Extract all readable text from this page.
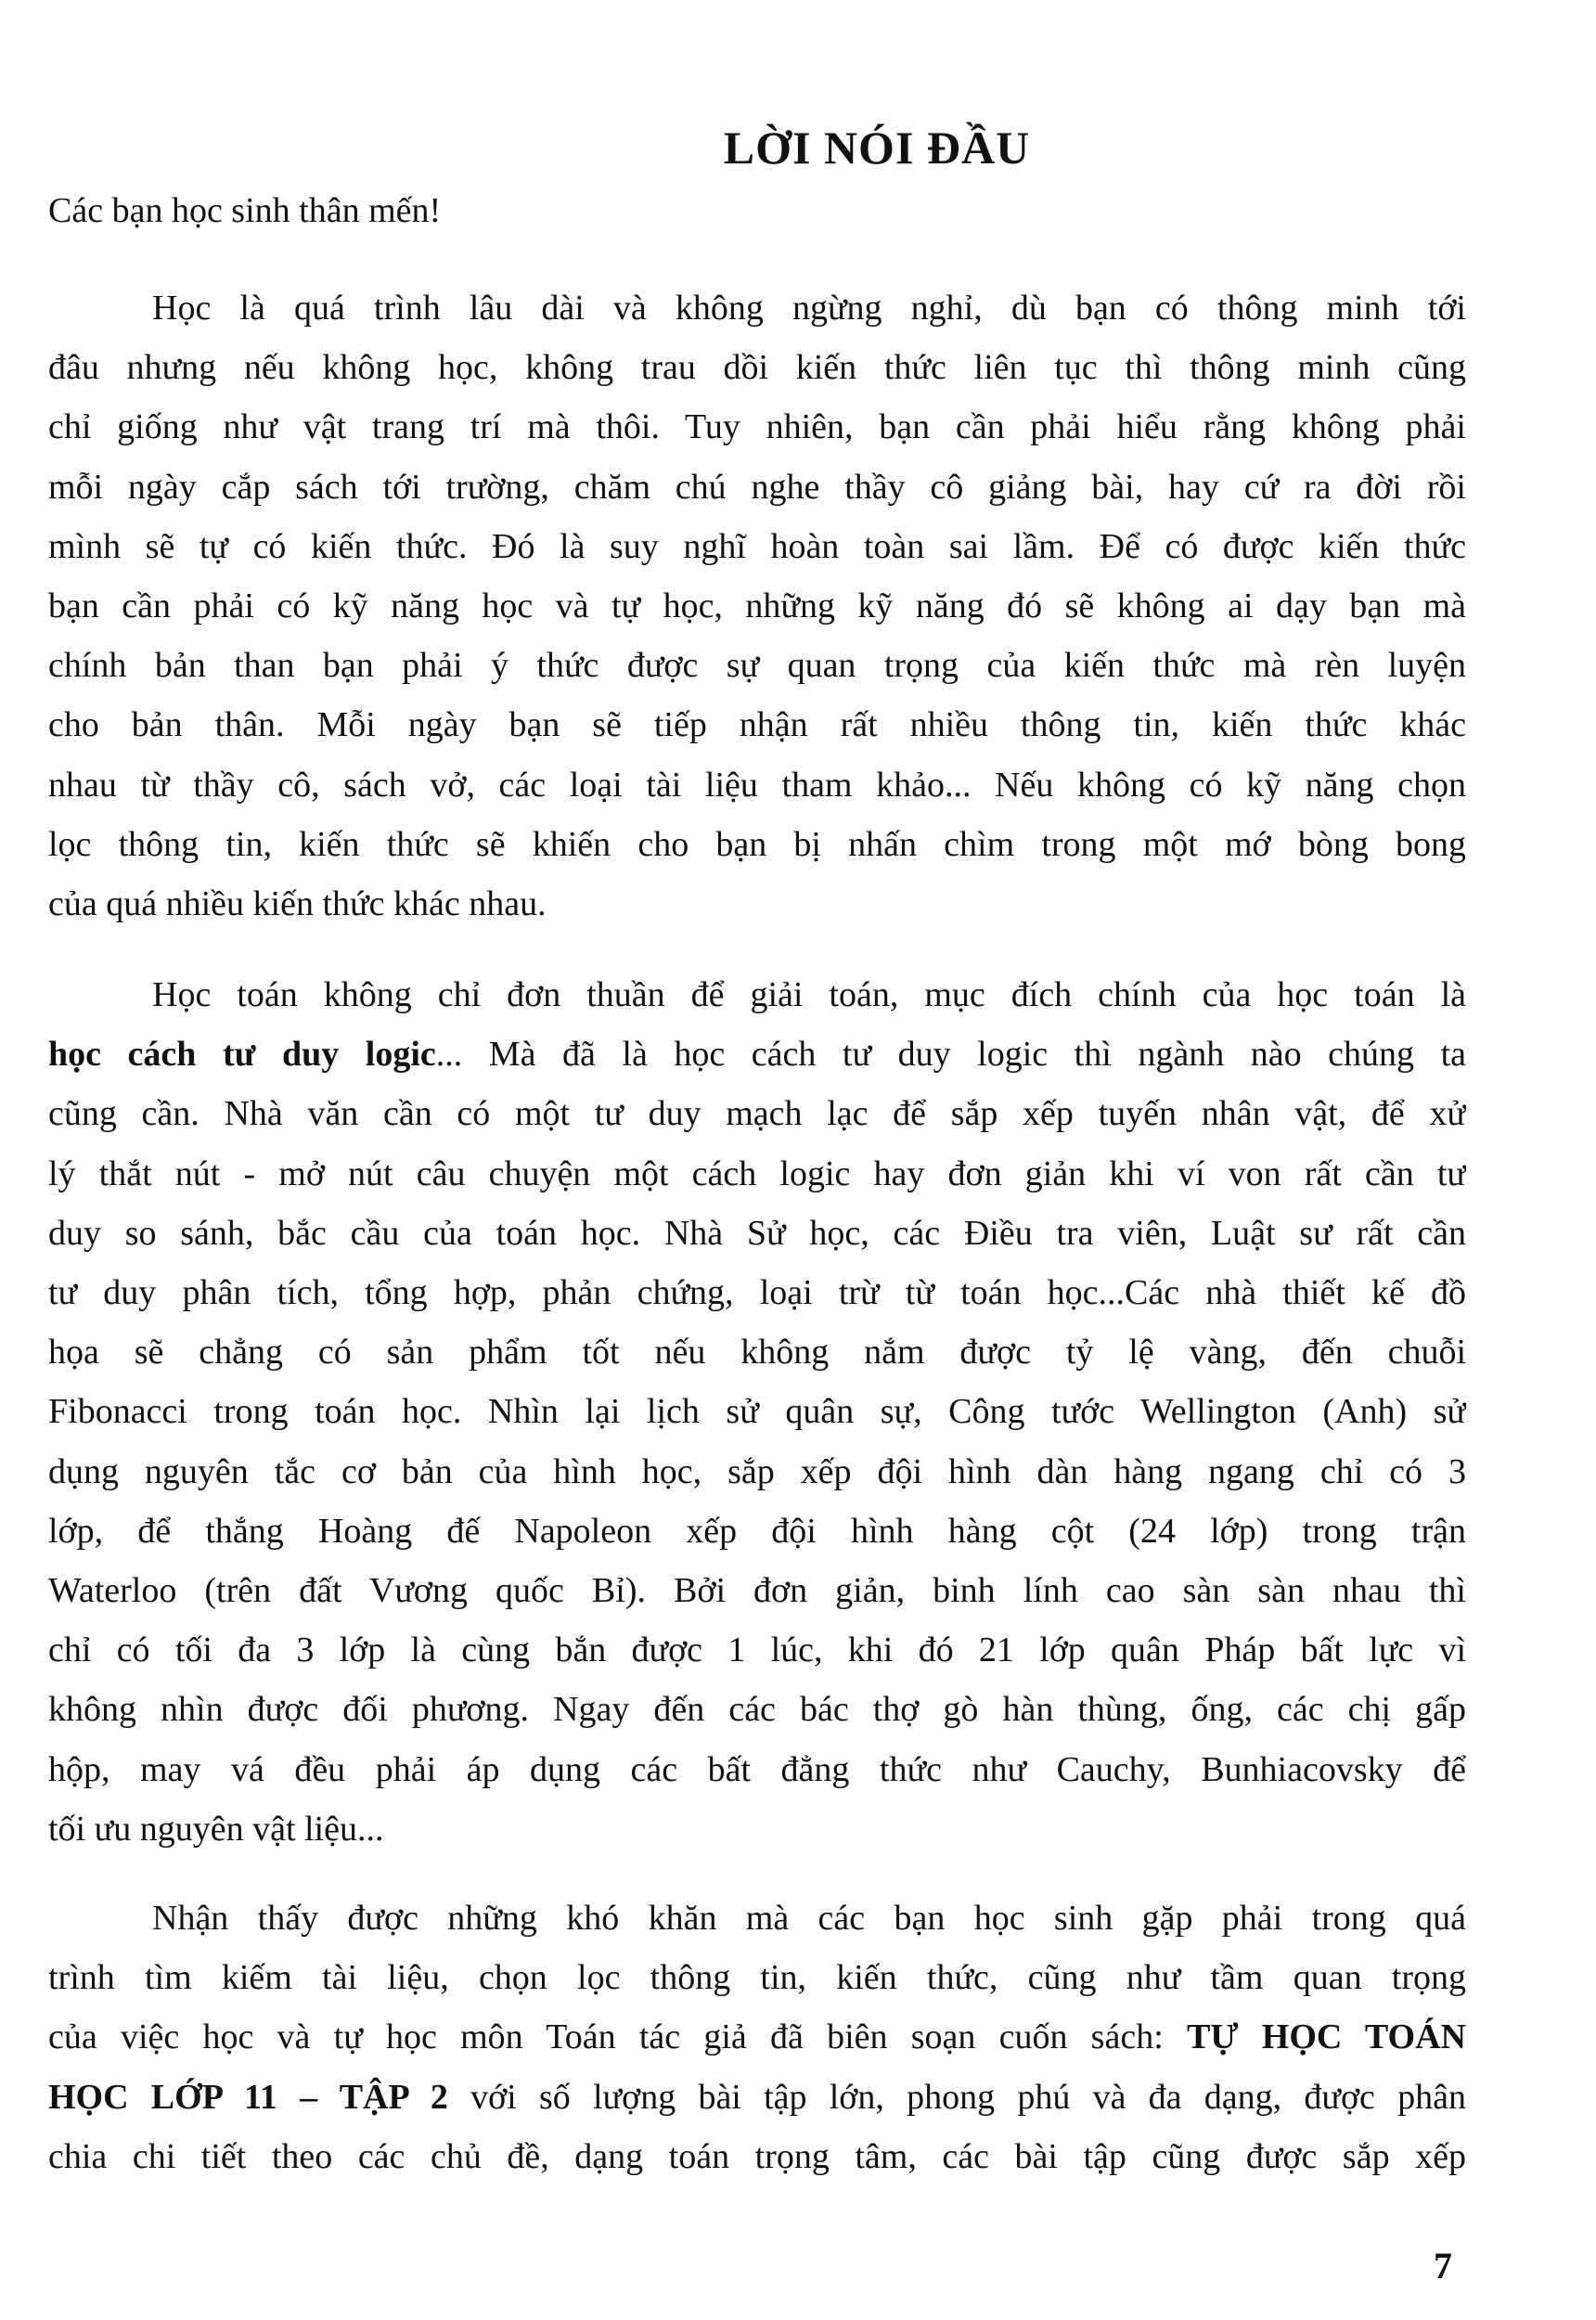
LỜI NÓI ĐẦU

Các bạn học sinh thân mến!

Học là quá trình lâu dài và không ngừng nghỉ, dù bạn có thông minh tới
đâu nhưng nếu không học, không trau dồi kiến thức liên tục thì thông minh cũng
chỉ giống như vật trang trí mà thôi. Tuy nhiên, bạn cần phải hiểu rằng không phải
mỗi ngày cắp sách tới trường, chăm chú nghe thầy cô giảng bài, hay cứ ra đời rồi
mình sẽ tự có kiến thức. Đó là suy nghĩ hoàn toàn sai lầm. Để có được kiến thức
bạn cần phải có kỹ năng học và tự học, những kỹ năng đó sẽ không ai dạy bạn mà
chính bản than bạn phải ý thức được sự quan trọng của kiến thức mà rèn luyện
cho bản thân. Mỗi ngày bạn sẽ tiếp nhận rất nhiều thông tin, kiến thức khác
nhau từ thầy cô, sách vở, các loại tài liệu tham khảo... Nếu không có kỹ năng chọn
lọc thông tin, kiến thức sẽ khiến cho bạn bị nhấn chìm trong một mớ bòng bong
của quá nhiều kiến thức khác nhau.
Học toán không chỉ đơn thuần để giải toán, mục đích chính của học toán là
học cách tư duy logic... Mà đã là học cách tư duy logic thì ngành nào chúng ta
cũng cần. Nhà văn cần có một tư duy mạch lạc để sắp xếp tuyến nhân vật, để xử
lý thắt nút - mở nút câu chuyện một cách logic hay đơn giản khi ví von rất cần tư
duy so sánh, bắc cầu của toán học. Nhà Sử học, các Điều tra viên, Luật sư rất cần
tư duy phân tích, tổng hợp, phản chứng, loại trừ từ toán học...Các nhà thiết kế đồ
họa sẽ chẳng có sản phẩm tốt nếu không nắm được tỷ lệ vàng, đến chuỗi
Fibonacci trong toán học. Nhìn lại lịch sử quân sự, Công tước Wellington (Anh) sử
dụng nguyên tắc cơ bản của hình học, sắp xếp đội hình dàn hàng ngang chỉ có 3
lớp, để thắng Hoàng đế Napoleon xếp đội hình hàng cột (24 lớp) trong trận
Waterloo (trên đất Vương quốc Bỉ). Bởi đơn giản, binh lính cao sàn sàn nhau thì
chỉ có tối đa 3 lớp là cùng bắn được 1 lúc, khi đó 21 lớp quân Pháp bất lực vì
không nhìn được đối phương. Ngay đến các bác thợ gò hàn thùng, ống, các chị gấp
hộp, may vá đều phải áp dụng các bất đẳng thức như Cauchy, Bunhiacovsky để
tối ưu nguyên vật liệu...
Nhận thấy được những khó khăn mà các bạn học sinh gặp phải trong quá
trình tìm kiếm tài liệu, chọn lọc thông tin, kiến thức, cũng như tầm quan trọng
của việc học và tự học môn Toán tác giả đã biên soạn cuốn sách: TỰ HỌC TOÁN
HỌC LỚP 11 – TẬP 2 với số lượng bài tập lớn, phong phú và đa dạng, được phân
chia chi tiết theo các chủ đề, dạng toán trọng tâm, các bài tập cũng được sắp xếp

7
